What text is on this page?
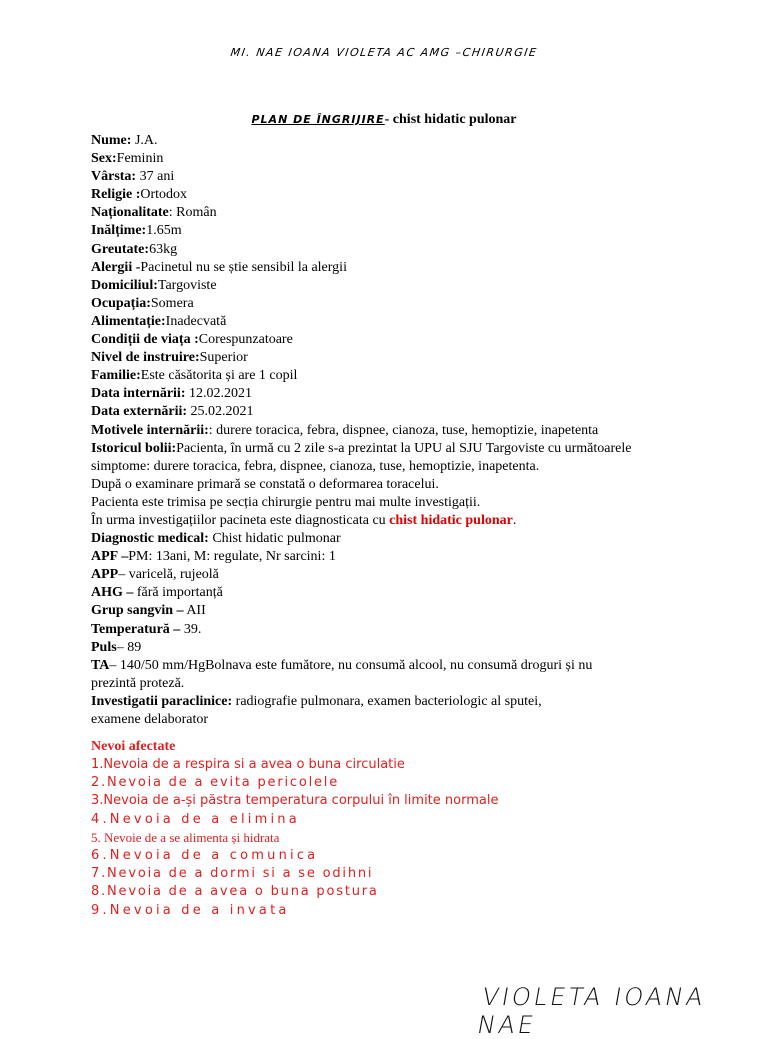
MI. NAE IOANA VIOLETA AC AMG –CHIRURGIE
PLAN DE ÎNGRIJIRE- chist hidatic pulonar
Nume: J.A.
Sex:Feminin
Vârsta: 37 ani
Religie :Ortodox
Naționalitate: Român
Inălțime:1.65m
Greutate:63kg
Alergii -Pacinetul nu se știe sensibil la alergii
Domiciliul:Targoviste
Ocupația:Somera
Alimentație:Inadecvată
Condiții de viața :Corespunzatoare
Nivel de instruire:Superior
Familie:Este căsătorita și are 1 copil
Data internării: 12.02.2021
Data externării: 25.02.2021
Motivele internării:: durere toracica, febra, dispnee, cianoza, tuse, hemoptizie, inapetenta
Istoricul bolii:Pacienta, în urmă cu 2 zile s-a prezintat la UPU al SJU Targoviste cu următoarele
simptome: durere toracica, febra, dispnee, cianoza, tuse, hemoptizie, inapetenta.
După o examinare primară se constată o deformarea toracelui.
Pacienta este trimisa pe secția chirurgie pentru mai multe investigații.
În urma investigațiilor pacineta este diagnosticata cu chist hidatic pulonar.
Diagnostic medical: Chist hidatic pulmonar
APF –PM: 13ani, M: regulate, Nr sarcini: 1
APP– varicelă, rujeolă
AHG – fără importanță
Grup sangvin – AII
Temperatură – 39.
Puls– 89
TA– 140/50 mm/HgBolnava este fumătore, nu consumă alcool, nu consumă droguri și nu
prezintă proteză.
Investigatii paraclinice: radiografie pulmonara, examen bacteriologic al sputei,
examene delaborator
Nevoi afectate
1.Nevoia de a respira si a avea o buna circulatie
2.Nevoia de a evita pericolele
3.Nevoia de a-și păstra temperatura corpului în limite normale
4.Nevoia de a elimina
5. Nevoie de a se alimenta și hidrata
6.Nevoia de a comunica
7.Nevoia de a dormi si a se odihni
8.Nevoia de a avea o buna postura
9.Nevoia de a invata
VIOLETA IOANA NAE
